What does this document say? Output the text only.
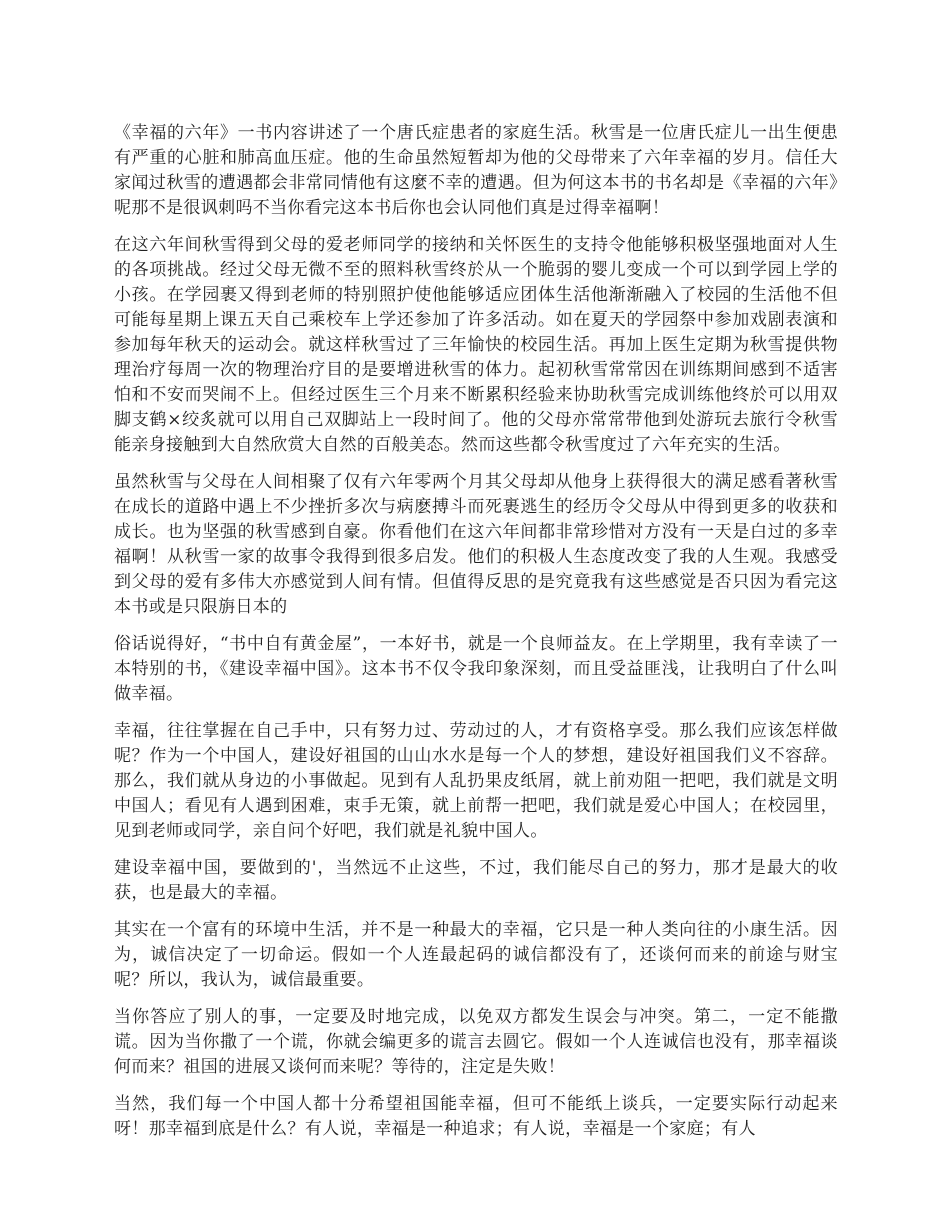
《幸福的六年》一书内容讲述了一个唐氏症患者的家庭生活。秋雪是一位唐氏症儿一出生便患有严重的心脏和肺高血压症。他的生命虽然短暂却为他的父母带来了六年幸福的岁月。信任大家闻过秋雪的遭遇都会非常同情他有这麼不幸的遭遇。但为何这本书的书名却是《幸福的六年》呢那不是很讽刺吗不当你看完这本书后你也会认同他们真是过得幸福啊！

在这六年间秋雪得到父母的爱老师同学的接纳和关怀医生的支持令他能够积极坚强地面对人生的各项挑战。经过父母无微不至的照料秋雪终於从一个脆弱的婴儿变成一个可以到学园上学的小孩。在学园裹又得到老师的特别照护使他能够适应团体生活他渐渐融入了校园的生活他不但可能每星期上课五天自己乘校车上学还参加了许多活动。如在夏天的学园祭中参加戏剧表演和参加每年秋天的运动会。就这样秋雪过了三年愉快的校园生活。再加上医生定期为秋雪提供物理治疗每周一次的物理治疗目的是要增进秋雪的体力。起初秋雪常常因在训练期间感到不适害怕和不安而哭闹不上。但经过医生三个月来不断累积经验来协助秋雪完成训练他终於可以用双脚支鹤×绞炙就可以用自己双脚站上一段时间了。他的父母亦常常带他到处游玩去旅行令秋雪能亲身接触到大自然欣赏大自然的百般美态。然而这些都令秋雪度过了六年充实的生活。

虽然秋雪与父母在人间相聚了仅有六年零两个月其父母却从他身上获得很大的满足感看著秋雪在成长的道路中遇上不少挫折多次与病麽搏斗而死裹逃生的经历令父母从中得到更多的收获和成长。也为坚强的秋雪感到自豪。你看他们在这六年间都非常珍惜对方没有一天是白过的多幸福啊！从秋雪一家的故事令我得到很多启发。他们的积极人生态度改变了我的人生观。我感受到父母的爱有多伟大亦感觉到人间有情。但值得反思的是究竟我有这些感觉是否只因为看完这本书或是只限旃日本的

俗话说得好，“书中自有黄金屋”，一本好书，就是一个良师益友。在上学期里，我有幸读了一本特别的书，《建设幸福中国》。这本书不仅令我印象深刻，而且受益匪浅，让我明白了什么叫做幸福。

幸福，往往掌握在自己手中，只有努力过、劳动过的人，才有资格享受。那么我们应该怎样做呢？作为一个中国人，建设好祖国的山山水水是每一个人的梦想，建设好祖国我们义不容辞。那么，我们就从身边的小事做起。见到有人乱扔果皮纸屑，就上前劝阻一把吧，我们就是文明中国人；看见有人遇到困难，束手无策，就上前帮一把吧，我们就是爱心中国人；在校园里，见到老师或同学，亲自问个好吧，我们就是礼貌中国人。

建设幸福中国，要做到的'，当然远不止这些，不过，我们能尽自己的努力，那才是最大的收获，也是最大的幸福。

其实在一个富有的环境中生活，并不是一种最大的幸福，它只是一种人类向往的小康生活。因为，诚信决定了一切命运。假如一个人连最起码的诚信都没有了，还谈何而来的前途与财宝呢？所以，我认为，诚信最重要。

当你答应了别人的事，一定要及时地完成，以免双方都发生误会与冲突。第二，一定不能撒谎。因为当你撒了一个谎，你就会编更多的谎言去圆它。假如一个人连诚信也没有，那幸福谈何而来？祖国的进展又谈何而来呢？等待的，注定是失败！

当然，我们每一个中国人都十分希望祖国能幸福，但可不能纸上谈兵，一定要实际行动起来呀！那幸福到底是什么？有人说，幸福是一种追求；有人说，幸福是一个家庭；有人
